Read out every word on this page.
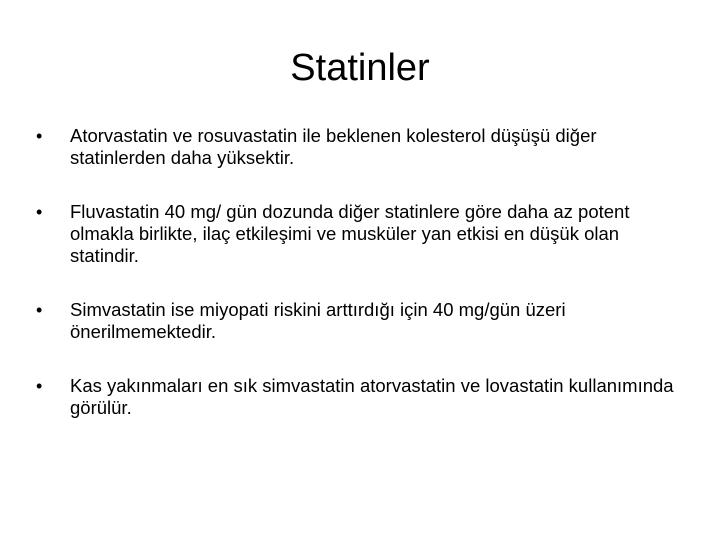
Statinler
•	Atorvastatin ve rosuvastatin ile beklenen kolesterol düşüşü diğer statinlerden daha yüksektir.
•	Fluvastatin 40 mg/ gün dozunda diğer statinlere göre daha az potent olmakla birlikte, ilaç etkileşimi ve musküler yan etkisi en düşük olan statindir.
•	Simvastatin ise miyopati riskini arttırdığı için 40 mg/gün üzeri önerilmemektedir.
•	Kas yakınmaları en sık simvastatin atorvastatin ve lovastatin kullanımında görülür.
